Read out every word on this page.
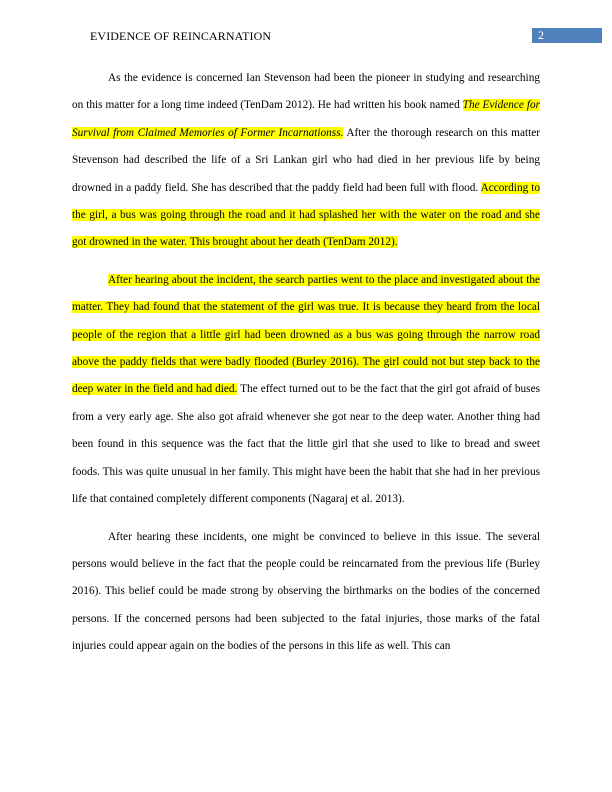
EVIDENCE OF REINCARNATION	2

As the evidence is concerned Ian Stevenson had been the pioneer in studying and researching on this matter for a long time indeed (TenDam 2012). He had written his book named The Evidence for Survival from Claimed Memories of Former Incarnationss. After the thorough research on this matter Stevenson had described the life of a Sri Lankan girl who had died in her previous life by being drowned in a paddy field. She has described that the paddy field had been full with flood. According to the girl, a bus was going through the road and it had splashed her with the water on the road and she got drowned in the water. This brought about her death (TenDam 2012).

After hearing about the incident, the search parties went to the place and investigated about the matter. They had found that the statement of the girl was true. It is because they heard from the local people of the region that a little girl had been drowned as a bus was going through the narrow road above the paddy fields that were badly flooded (Burley 2016). The girl could not but step back to the deep water in the field and had died. The effect turned out to be the fact that the girl got afraid of buses from a very early age. She also got afraid whenever she got near to the deep water. Another thing had been found in this sequence was the fact that the little girl that she used to like to bread and sweet foods. This was quite unusual in her family. This might have been the habit that she had in her previous life that contained completely different components (Nagaraj et al. 2013).

After hearing these incidents, one might be convinced to believe in this issue. The several persons would believe in the fact that the people could be reincarnated from the previous life (Burley 2016). This belief could be made strong by observing the birthmarks on the bodies of the concerned persons. If the concerned persons had been subjected to the fatal injuries, those marks of the fatal injuries could appear again on the bodies of the persons in this life as well. This can
